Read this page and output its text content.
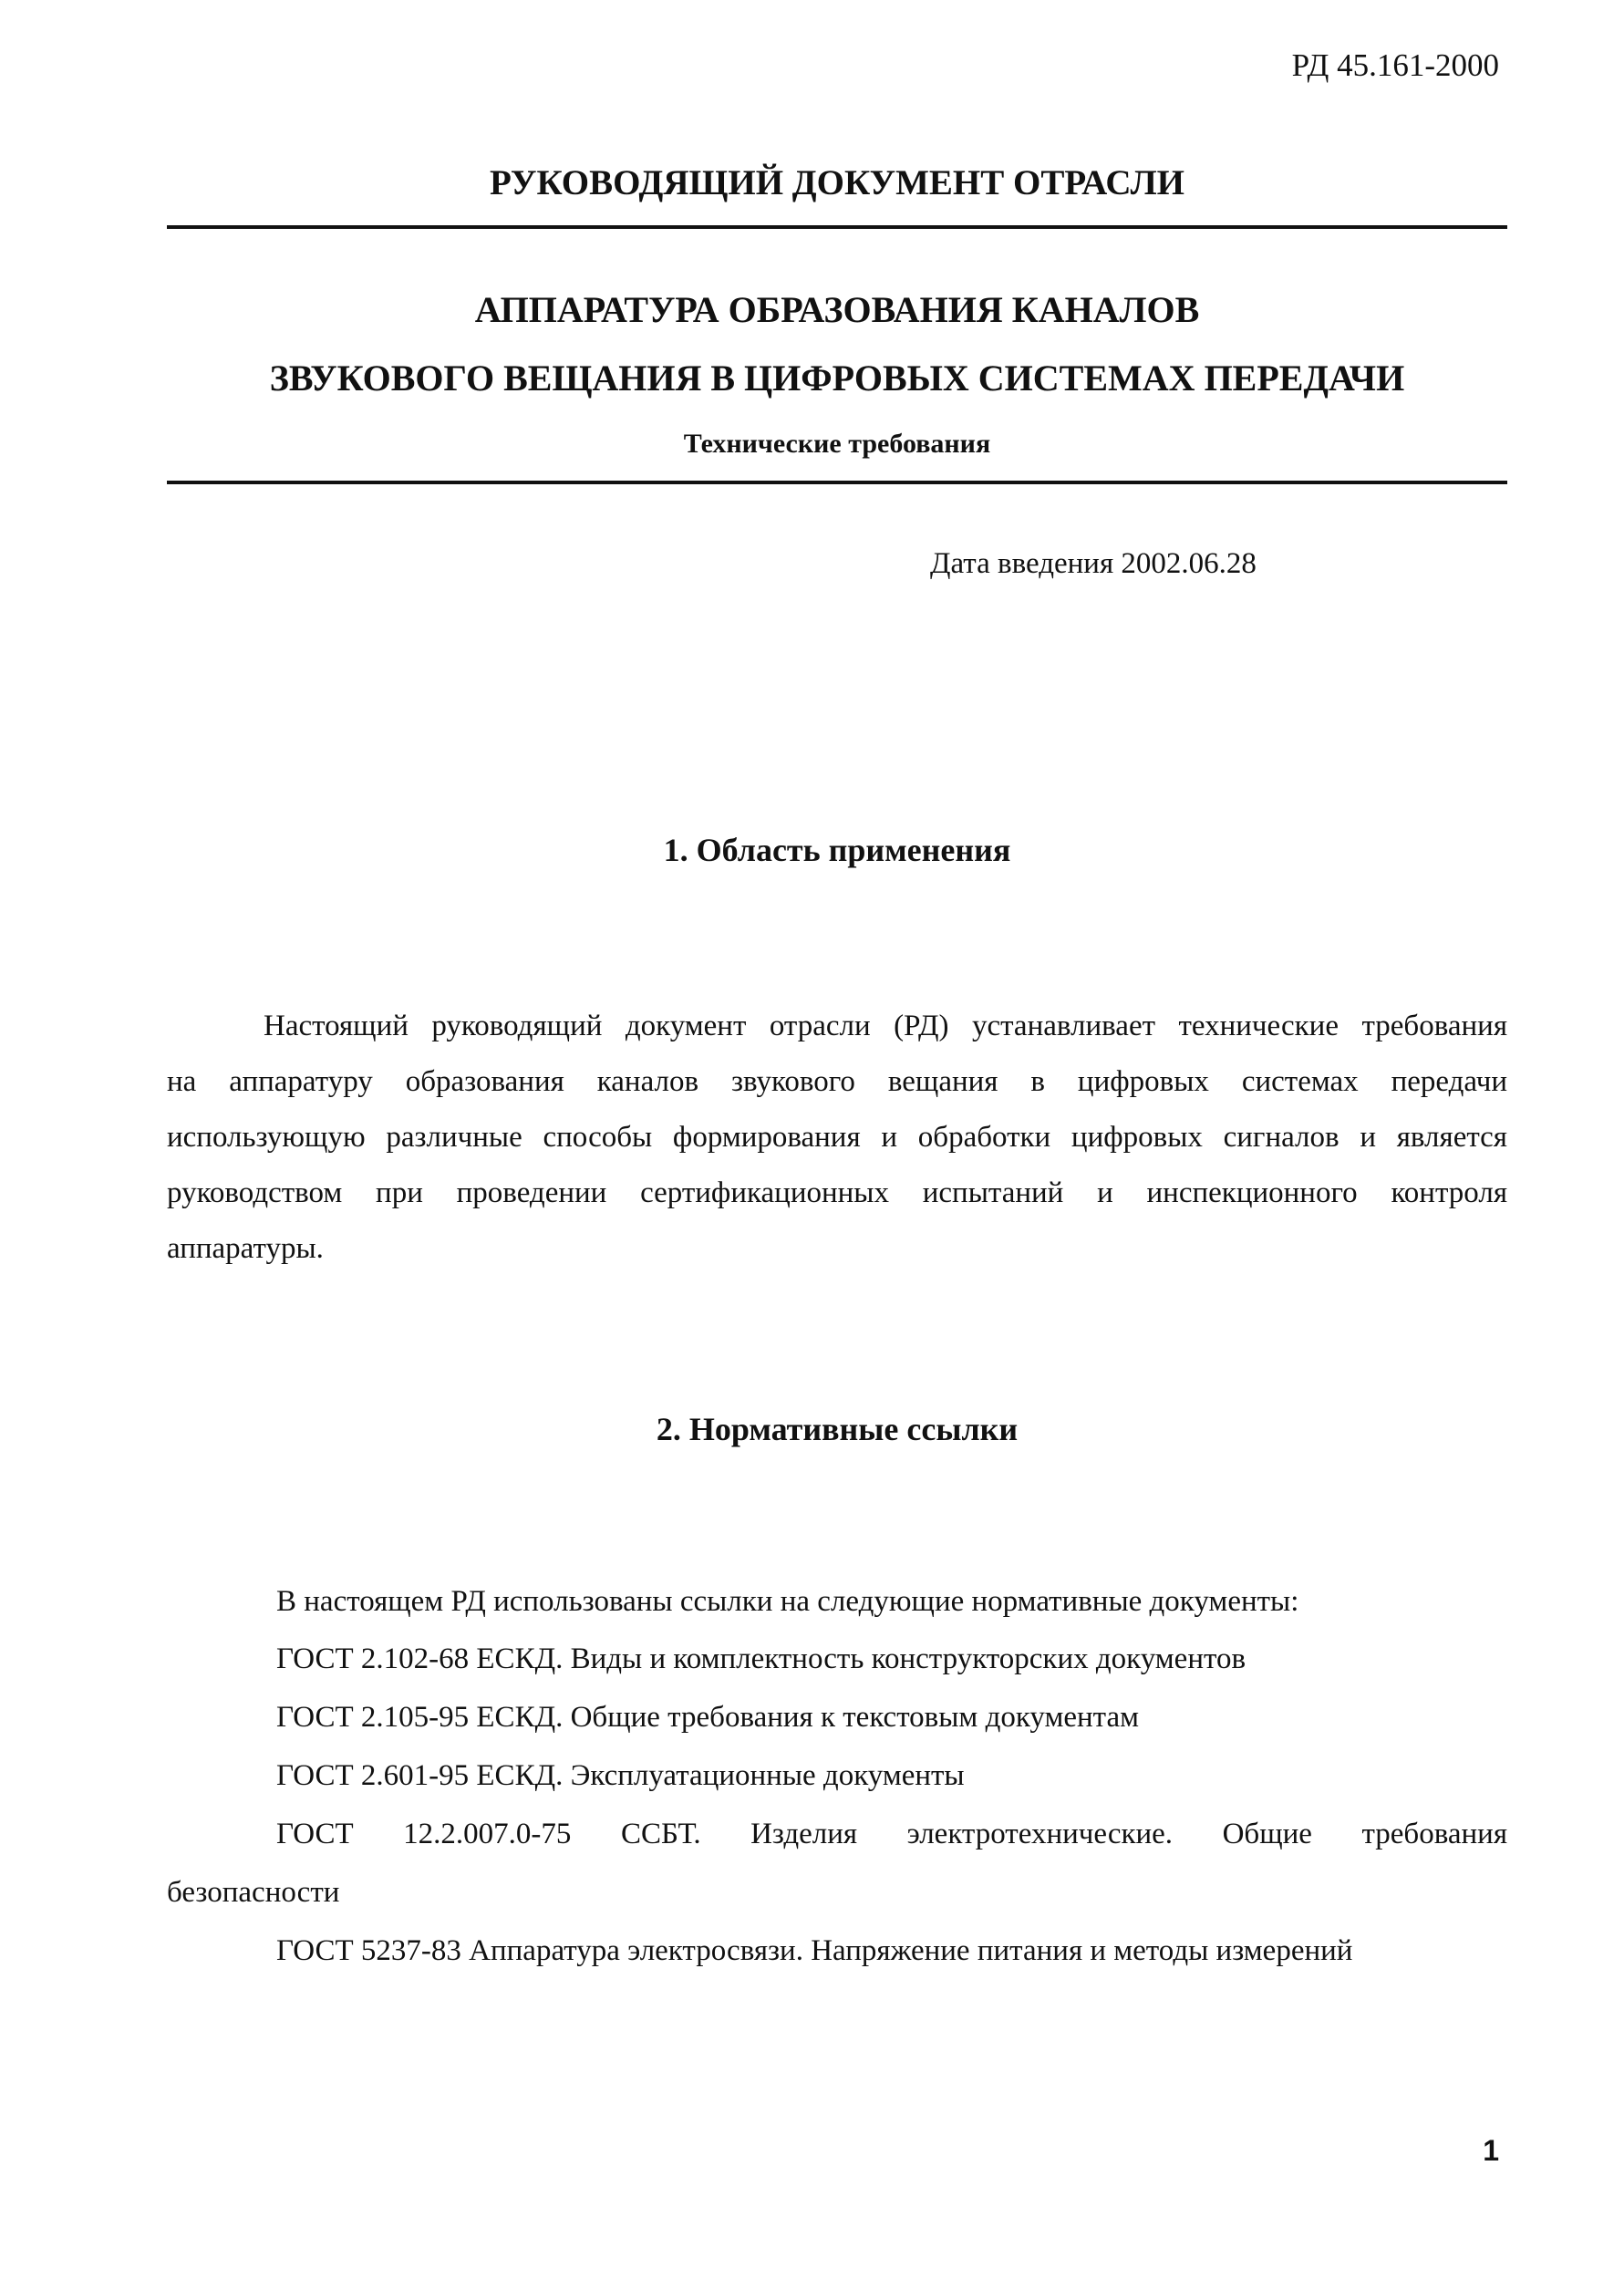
РД 45.161-2000
РУКОВОДЯЩИЙ ДОКУМЕНТ ОТРАСЛИ
АППАРАТУРА ОБРАЗОВАНИЯ КАНАЛОВ
ЗВУКОВОГО ВЕЩАНИЯ В ЦИФРОВЫХ СИСТЕМАХ ПЕРЕДАЧИ
Технические требования
Дата введения 2002.06.28
1. Область применения
Настоящий руководящий документ отрасли (РД) устанавливает технические требования
на аппаратуру образования каналов звукового вещания в цифровых системах передачи
использующую различные способы формирования и обработки цифровых сигналов и является
руководством при проведении сертификационных испытаний и инспекционного контроля
аппаратуры.
2. Нормативные ссылки
В настоящем РД использованы ссылки на следующие нормативные документы:
ГОСТ 2.102-68 ЕСКД. Виды и комплектность конструкторских документов
ГОСТ 2.105-95 ЕСКД. Общие требования к текстовым документам
ГОСТ 2.601-95 ЕСКД. Эксплуатационные документы
ГОСТ 5237-83 Аппаратура электросвязи. Напряжение питания и методы измерений
ГОСТ 12.2.007.0-75 ССБТ. Изделия электротехнические. Общие требования
безопасности
1
